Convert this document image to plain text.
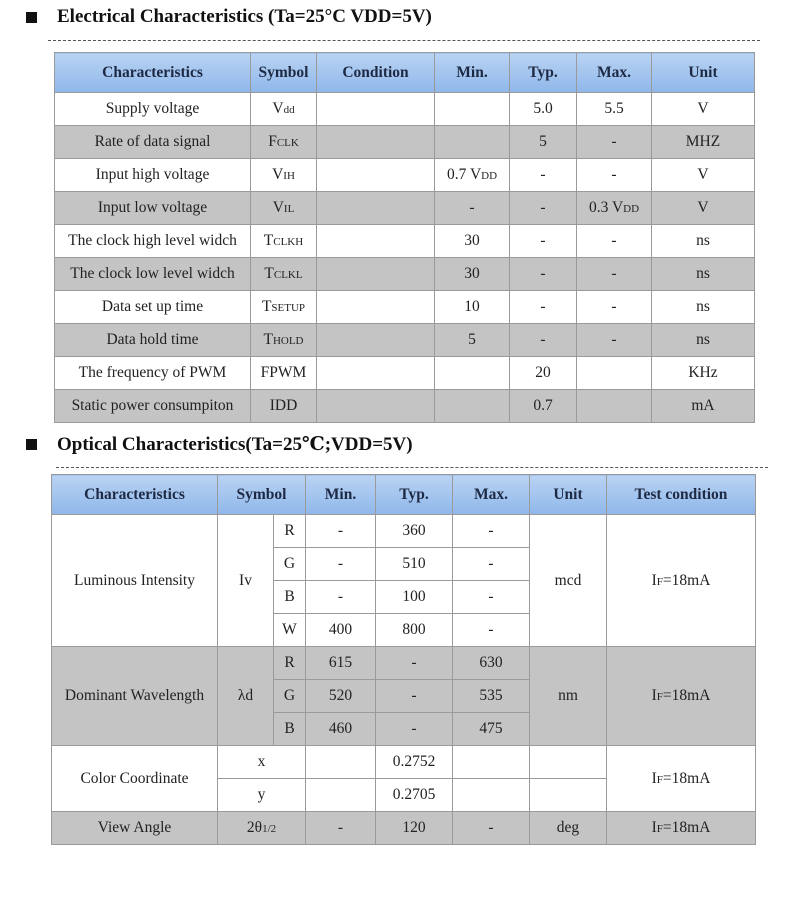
Electrical Characteristics (Ta=25°C VDD=5V)
Characteristics	Symbol	Condition	Min.	Typ.	Max.	Unit
Supply voltage	Vdd			5.0	5.5	V
Rate of data signal	FCLK			5	-	MHZ
Input high voltage	VIH		0.7 VDD	-	-	V
Input low voltage	VIL		-	-	0.3 VDD	V
The clock high level widch	TCLKH		30	-	-	ns
The clock low level widch	TCLKL		30	-	-	ns
Data set up time	TSETUP		10	-	-	ns
Data hold time	THOLD		5	-	-	ns
The frequency of PWM	FPWM			20		KHz
Static power consumpiton	IDD			0.7		mA
Optical Characteristics(Ta=25℃;VDD=5V)
Characteristics	Symbol		Min.	Typ.	Max.	Unit	Test condition
Luminous Intensity	Iv	R	-	360	-	mcd	IF=18mA
		G	-	510	-		
		B	-	100	-		
		W	400	800	-		
Dominant Wavelength	λd	R	615	-	630	nm	IF=18mA
		G	520	-	535		
		B	460	-	475		
Color Coordinate	x			0.2752			IF=18mA
	y			0.2705			
View Angle	2θ1/2		-	120	-	deg	IF=18mA
